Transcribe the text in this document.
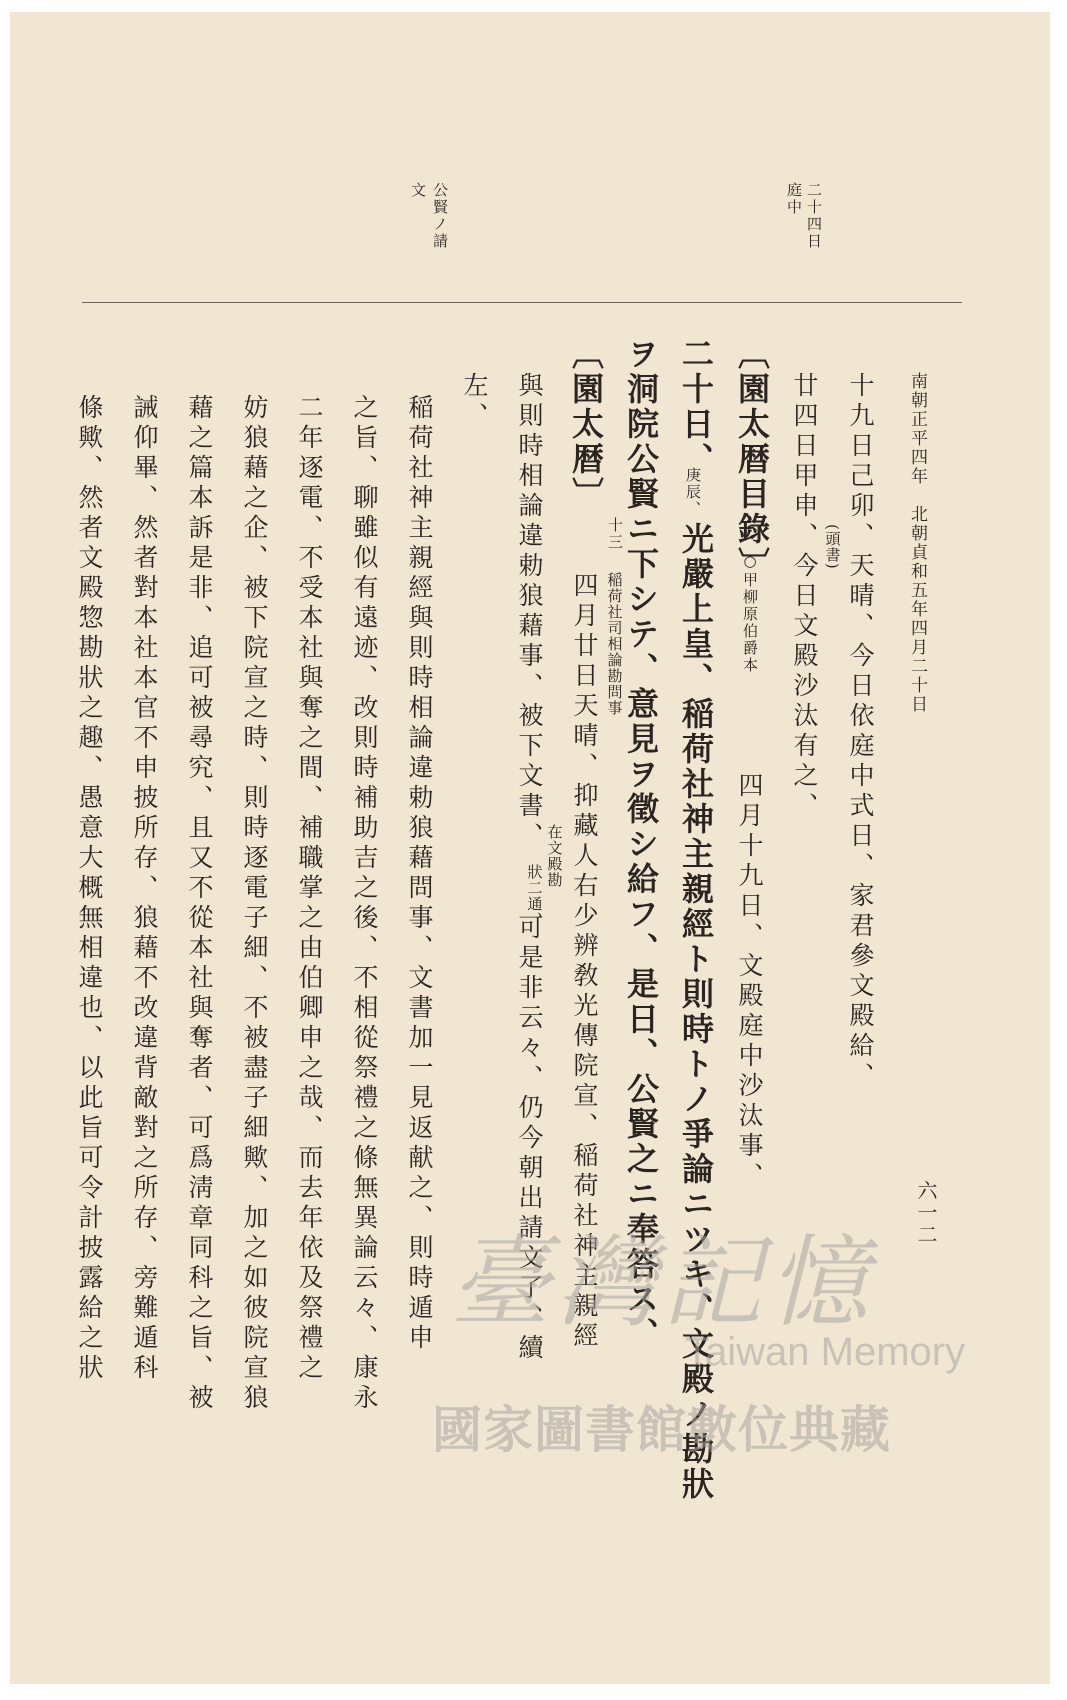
南朝正平四年　北朝貞和五年四月二十日
六一二
二十四日
庭中
公賢ノ請
文
十九日己卯、天晴、今日依庭中式日、家君參文殿給、
廿四日甲申、今日文殿沙汰有之、 (頭書)
〔園太暦目錄〕
○甲柳原伯爵本
四月十九日、文殿庭中沙汰事、
二十日、
庚辰、
光嚴上皇、稲荷社神主親經ト則時トノ爭論ニツキ、文殿ノ勘狀
ヲ洞院公賢ニ下シテ、意見ヲ徵シ給フ、是日、公賢之ニ奉答ス、
〔園太暦〕
十三
稲荷社司相論勘問事
四月廿日天晴、抑藏人右少辨敎光傳院宣、稲荷社神主親經
與則時相論違勅狼藉事、被下文書、
在文殿勘
狀二通、
可是非云々、仍今朝出請文了、續
左、
稲荷社神主親經與則時相論違勅狼藉問事、文書加一見返献之、則時遁申
之旨、聊雖似有遠迹、改則時補助吉之後、不相從祭禮之條無異論云々、康永
二年逐電、不受本社與奪之間、補職掌之由伯卿申之哉、而去年依及祭禮之
妨狼藉之企、被下院宣之時、則時逐電子細、不被盡子細歟、加之如彼院宣狼
藉之篇本訴是非、追可被尋究、且又不從本社與奪者、可爲淸章同科之旨、被
誡仰畢、然者對本社本官不申披所存、狼藉不改違背敵對之所存、旁難遁科
條歟、然者文殿惣勘狀之趣、愚意大概無相違也、以此旨可令計披露給之狀	臺灣記憶
Taiwan Memory
國家圖書館數位典藏
